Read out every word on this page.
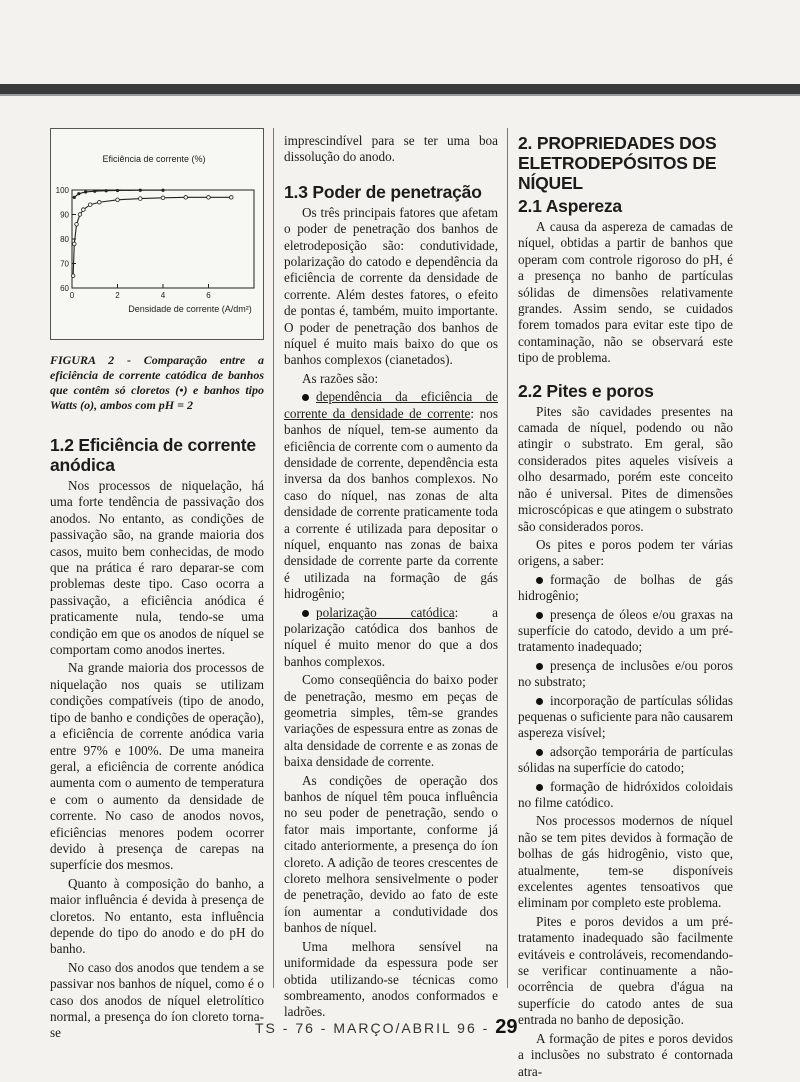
Eficiência de corrente (%)
Densidade de corrente (A/dm²)
100
90
80
70
60
0	2	4	6
FIGURA 2 - Comparação entre a eficiência de corrente catódica de banhos que contêm só cloretos (•) e banhos tipo Watts (o), ambos com pH = 2
1.2 Eficiência de corrente anódica

Nos processos de niquelação, há uma forte tendência de passivação dos anodos. No entanto, as condições de passivação são, na grande maioria dos casos, muito bem conhecidas, de modo que na prática é raro deparar-se com problemas deste tipo. Caso ocorra a passivação, a eficiência anódica é praticamente nula, tendo-se uma condição em que os anodos de níquel se comportam como anodos inertes.

Na grande maioria dos processos de niquelação nos quais se utilizam condições compatíveis (tipo de anodo, tipo de banho e condições de operação), a eficiência de corrente anódica varia entre 97% e 100%. De uma maneira geral, a eficiência de corrente anódica aumenta com o aumento de temperatura e com o aumento da densidade de corrente. No caso de anodos novos, eficiências menores podem ocorrer devido à presença de carepas na superfície dos mesmos.

Quanto à composição do banho, a maior influência é devida à presença de cloretos. No entanto, esta influência depende do tipo do anodo e do pH do banho.

No caso dos anodos que tendem a se passivar nos banhos de níquel, como é o caso dos anodos de níquel eletrolítico normal, a presença do íon cloreto torna-se

imprescindível para se ter uma boa dissolução do anodo.

1.3 Poder de penetração

Os três principais fatores que afetam o poder de penetração dos banhos de eletrodeposição são: condutividade, polarização do catodo e dependência da eficiência de corrente da densidade de corrente. Além destes fatores, o efeito de pontas é, também, muito importante. O poder de penetração dos banhos de níquel é muito mais baixo do que os banhos complexos (cianetados).

As razões são:

dependência da eficiência de corrente da densidade de corrente: nos banhos de níquel, tem-se aumento da eficiência de corrente com o aumento da densidade de corrente, dependência esta inversa da dos banhos complexos. No caso do níquel, nas zonas de alta densidade de corrente praticamente toda a corrente é utilizada para depositar o níquel, enquanto nas zonas de baixa densidade de corrente parte da corrente é utilizada na formação de gás hidrogênio;

polarização catódica: a polarização catódica dos banhos de níquel é muito menor do que a dos banhos complexos.

Como conseqüência do baixo poder de penetração, mesmo em peças de geometria simples, têm-se grandes variações de espessura entre as zonas de alta densidade de corrente e as zonas de baixa densidade de corrente.

As condições de operação dos banhos de níquel têm pouca influência no seu poder de penetração, sendo o fator mais importante, conforme já citado anteriormente, a presença do íon cloreto. A adição de teores crescentes de cloreto melhora sensivelmente o poder de penetração, devido ao fato de este íon aumentar a condutividade dos banhos de níquel.

Uma melhora sensível na uniformidade da espessura pode ser obtida utilizando-se técnicas como sombreamento, anodos conformados e ladrões.

2. PROPRIEDADES DOS ELETRODEPÓSITOS DE NÍQUEL
2.1 Aspereza

A causa da aspereza de camadas de níquel, obtidas a partir de banhos que operam com controle rigoroso do pH, é a presença no banho de partículas sólidas de dimensões relativamente grandes. Assim sendo, se cuidados forem tomados para evitar este tipo de contaminação, não se observará este tipo de problema.

2.2 Pites e poros

Pites são cavidades presentes na camada de níquel, podendo ou não atingir o substrato. Em geral, são considerados pites aqueles visíveis a olho desarmado, porém este conceito não é universal. Pites de dimensões microscópicas e que atingem o substrato são considerados poros.

Os pites e poros podem ter várias origens, a saber:

formação de bolhas de gás hidrogênio;

presença de óleos e/ou graxas na superfície do catodo, devido a um pré-tratamento inadequado;

presença de inclusões e/ou poros no substrato;

incorporação de partículas sólidas pequenas o suficiente para não causarem aspereza visível;

adsorção temporária de partículas sólidas na superfície do catodo;

formação de hidróxidos coloidais no filme catódico.

Nos processos modernos de níquel não se tem pites devidos à formação de bolhas de gás hidrogênio, visto que, atualmente, tem-se disponíveis excelentes agentes tensoativos que eliminam por completo este problema.

Pites e poros devidos a um pré-tratamento inadequado são facilmente evitáveis e controláveis, recomendando-se verificar continuamente a não-ocorrência de quebra d'água na superfície do catodo antes de sua entrada no banho de deposição.

A formação de pites e poros devidos a inclusões no substrato é contornada atra-

TS - 76 - MARÇO/ABRIL 96 - 29
